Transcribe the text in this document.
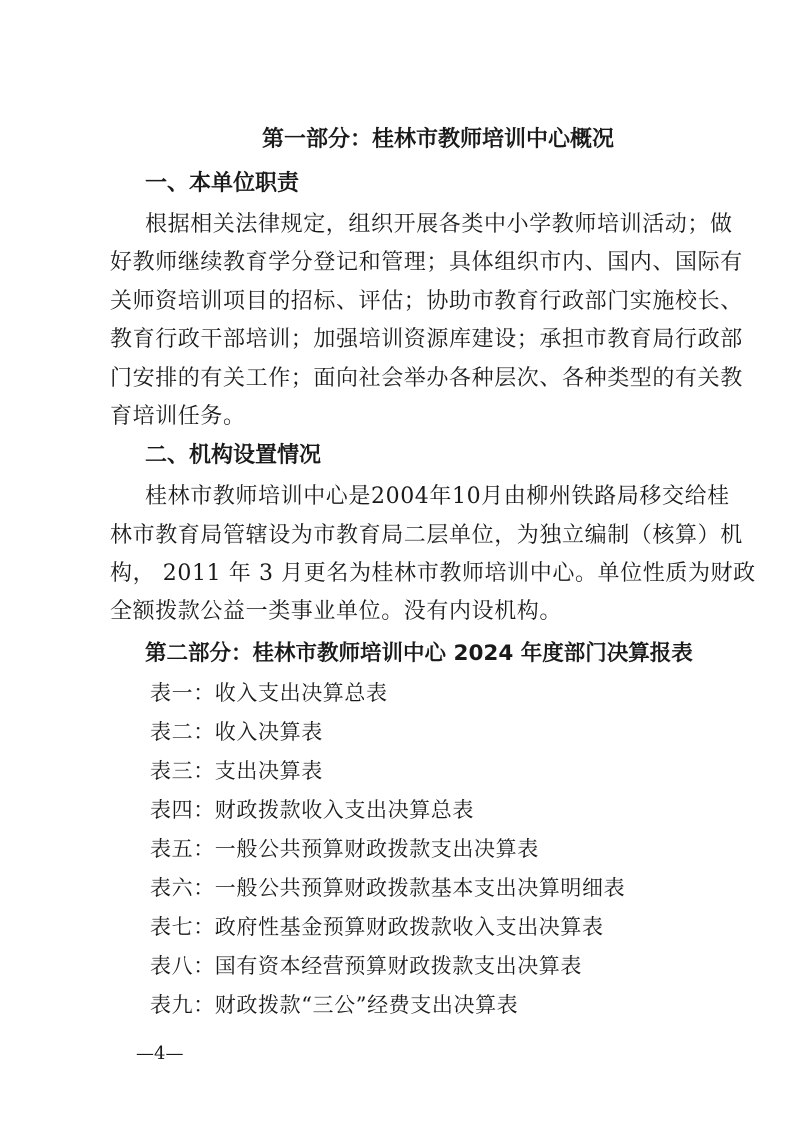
第一部分：桂林市教师培训中心概况

一、本单位职责

根据相关法律规定，组织开展各类中小学教师培训活动；做

好教师继续教育学分登记和管理；具体组织市内、国内、国际有

关师资培训项目的招标、评估；协助市教育行政部门实施校长、

教育行政干部培训；加强培训资源库建设；承担市教育局行政部

门安排的有关工作；面向社会举办各种层次、各种类型的有关教

育培训任务。

二、机构设置情况

桂林市教师培训中心是2004年10月由柳州铁路局移交给桂

林市教育局管辖设为市教育局二层单位，为独立编制（核算）机

构， 2011 年 3 月更名为桂林市教师培训中心。单位性质为财政

全额拨款公益一类事业单位。没有内设机构。

第二部分：桂林市教师培训中心 2024 年度部门决算报表

表一：收入支出决算总表

表二：收入决算表

表三：支出决算表

表四：财政拨款收入支出决算总表

表五：一般公共预算财政拨款支出决算表

表六：一般公共预算财政拨款基本支出决算明细表

表七：政府性基金预算财政拨款收入支出决算表

表八：国有资本经营预算财政拨款支出决算表

表九：财政拨款“三公”经费支出决算表

—4—
